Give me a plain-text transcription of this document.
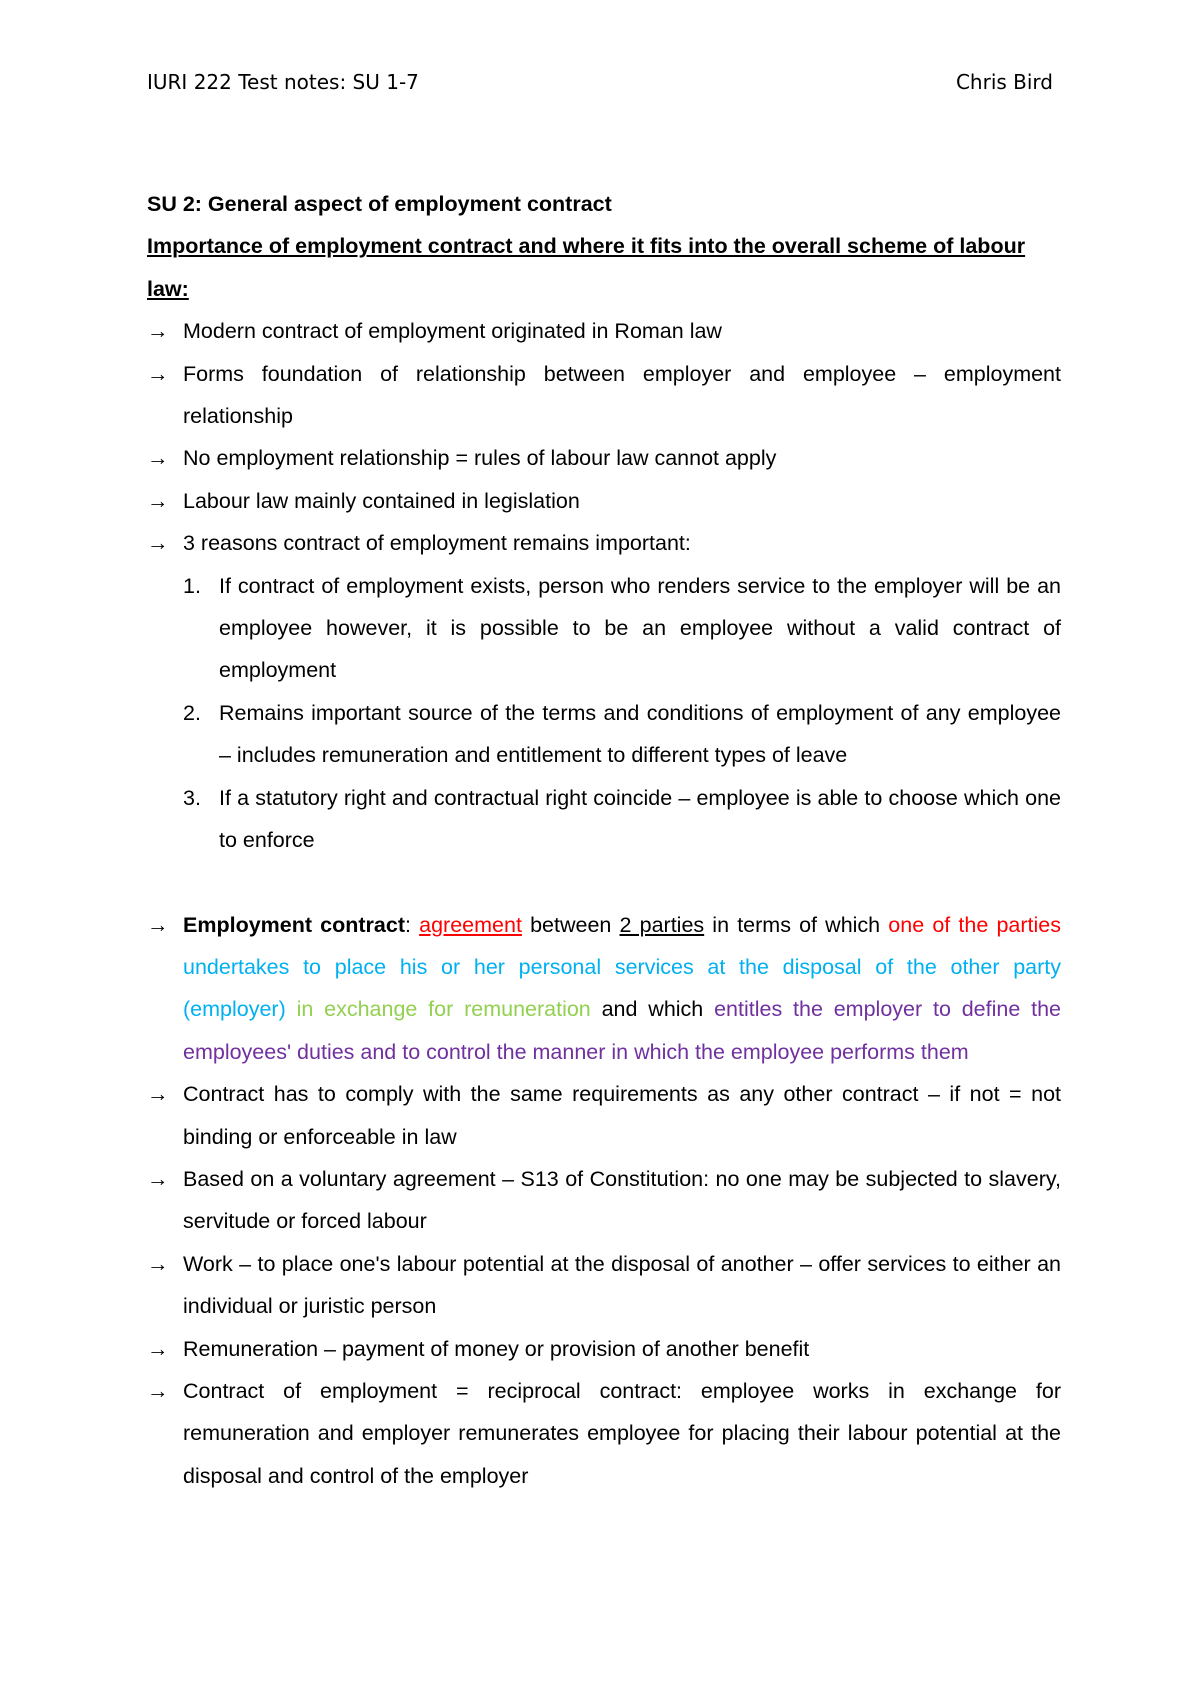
IURI 222 Test notes: SU 1-7	Chris Bird

SU 2: General aspect of employment contract

Importance of employment contract and where it fits into the overall scheme of labour law:

→ Modern contract of employment originated in Roman law

→ Forms foundation of relationship between employer and employee – employment relationship

→ No employment relationship = rules of labour law cannot apply

→ Labour law mainly contained in legislation

→ 3 reasons contract of employment remains important:

1. If contract of employment exists, person who renders service to the employer will be an employee however, it is possible to be an employee without a valid contract of employment

2. Remains important source of the terms and conditions of employment of any employee – includes remuneration and entitlement to different types of leave

3. If a statutory right and contractual right coincide – employee is able to choose which one to enforce

→ Employment contract: agreement between 2 parties in terms of which one of the parties undertakes to place his or her personal services at the disposal of the other party (employer) in exchange for remuneration and which entitles the employer to define the employees' duties and to control the manner in which the employee performs them

→ Contract has to comply with the same requirements as any other contract – if not = not binding or enforceable in law

→ Based on a voluntary agreement – S13 of Constitution: no one may be subjected to slavery, servitude or forced labour

→ Work – to place one's labour potential at the disposal of another – offer services to either an individual or juristic person

→ Remuneration – payment of money or provision of another benefit

→ Contract of employment = reciprocal contract: employee works in exchange for remuneration and employer remunerates employee for placing their labour potential at the disposal and control of the employer
